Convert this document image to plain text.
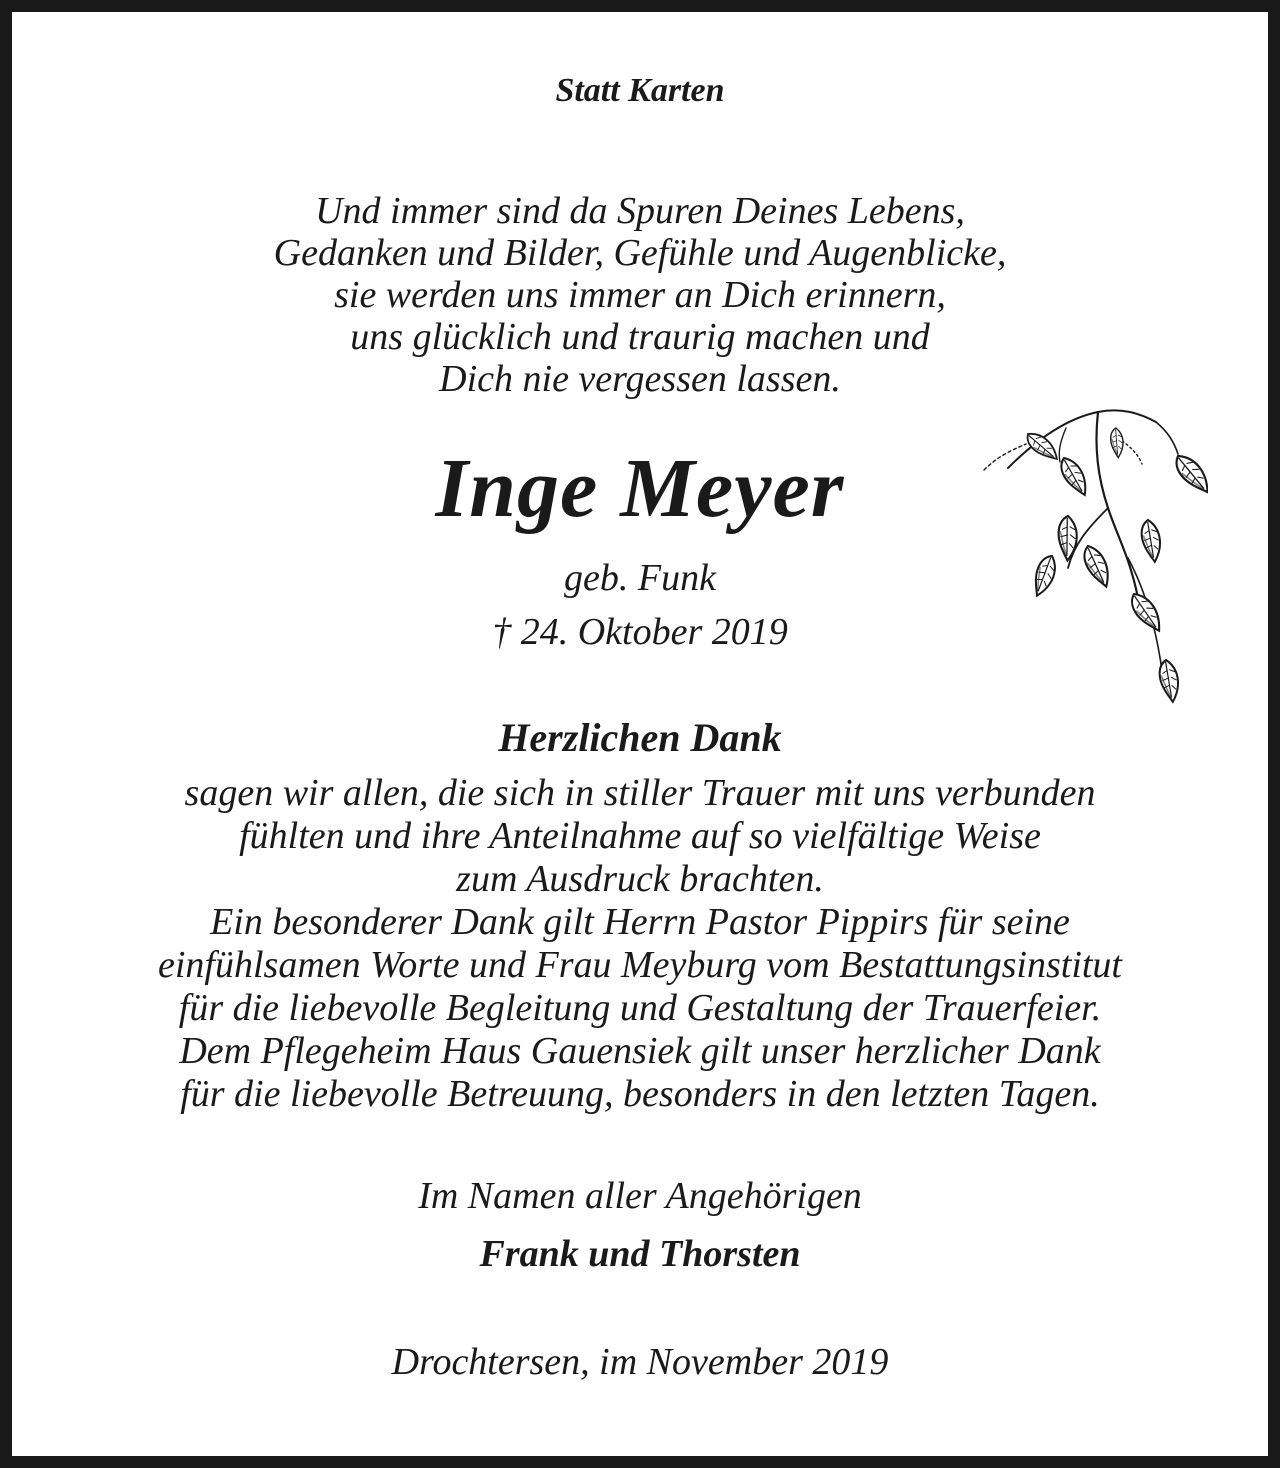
Statt Karten

Und immer sind da Spuren Deines Lebens,
Gedanken und Bilder, Gefühle und Augenblicke,
sie werden uns immer an Dich erinnern,
uns glücklich und traurig machen und
Dich nie vergessen lassen.

Inge Meyer

geb. Funk

† 24. Oktober 2019

Herzlichen Dank

sagen wir allen, die sich in stiller Trauer mit uns verbunden
fühlten und ihre Anteilnahme auf so vielfältige Weise
zum Ausdruck brachten.
Ein besonderer Dank gilt Herrn Pastor Pippirs für seine
einfühlsamen Worte und Frau Meyburg vom Bestattungsinstitut
für die liebevolle Begleitung und Gestaltung der Trauerfeier.
Dem Pflegeheim Haus Gauensiek gilt unser herzlicher Dank
für die liebevolle Betreuung, besonders in den letzten Tagen.

Im Namen aller Angehörigen

Frank und Thorsten

Drochtersen, im November 2019
